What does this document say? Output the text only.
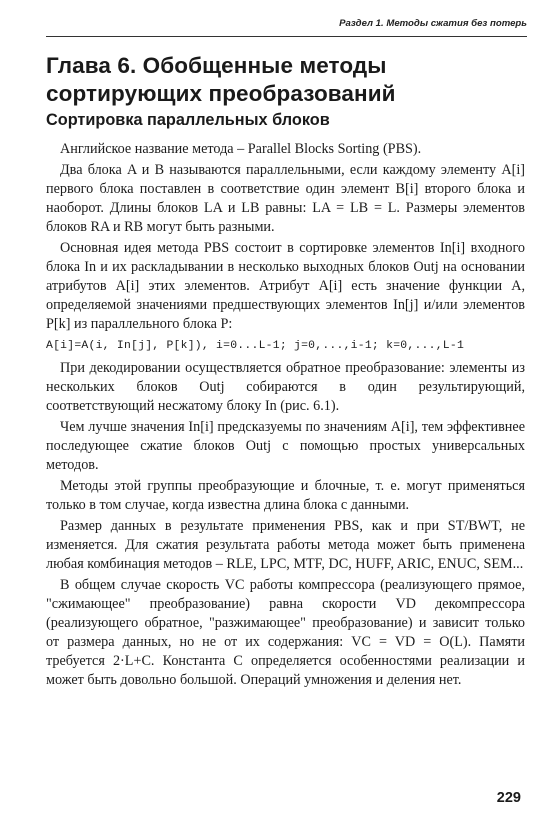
Раздел 1. Методы сжатия без потерь
Глава 6. Обобщенные методы сортирующих преобразований
Сортировка параллельных блоков

Английское название метода – Parallel Blocks Sorting (PBS).

Два блока A и B называются параллельными, если каждому элементу A[i] первого блока поставлен в соответствие один элемент B[i] второго блока и наоборот. Длины блоков LA и LB равны: LA = LB = L. Размеры элементов блоков RA и RB могут быть разными.

Основная идея метода PBS состоит в сортировке элементов In[i] входного блока In и их раскладывании в несколько выходных блоков Outj на основании атрибутов A[i] этих элементов. Атрибут A[i] есть значение функции A, определяемой значениями предшествующих элементов In[j] и/или элементов P[k] из параллельного блока P:

A[i]=A(i, In[j], P[k]), i=0...L-1; j=0,...,i-1; k=0,...,L-1

При декодировании осуществляется обратное преобразование: элементы из нескольких блоков Outj собираются в один результирующий, соответствующий несжатому блоку In (рис. 6.1).

Чем лучше значения In[i] предсказуемы по значениям A[i], тем эффективнее последующее сжатие блоков Outj с помощью простых универсальных методов.

Методы этой группы преобразующие и блочные, т. е. могут применяться только в том случае, когда известна длина блока с данными.

Размер данных в результате применения PBS, как и при ST/BWT, не изменяется. Для сжатия результата работы метода может быть применена любая комбинация методов – RLE, LPC, MTF, DC, HUFF, ARIC, ENUC, SEM...

В общем случае скорость VC работы компрессора (реализующего прямое, "сжимающее" преобразование) равна скорости VD декомпрессора (реализующего обратное, "разжимающее" преобразование) и зависит только от размера данных, но не от их содержания: VC = VD = O(L). Памяти требуется 2·L+C. Константа C определяется особенностями реализации и может быть довольно большой. Операций умножения и деления нет.

229
